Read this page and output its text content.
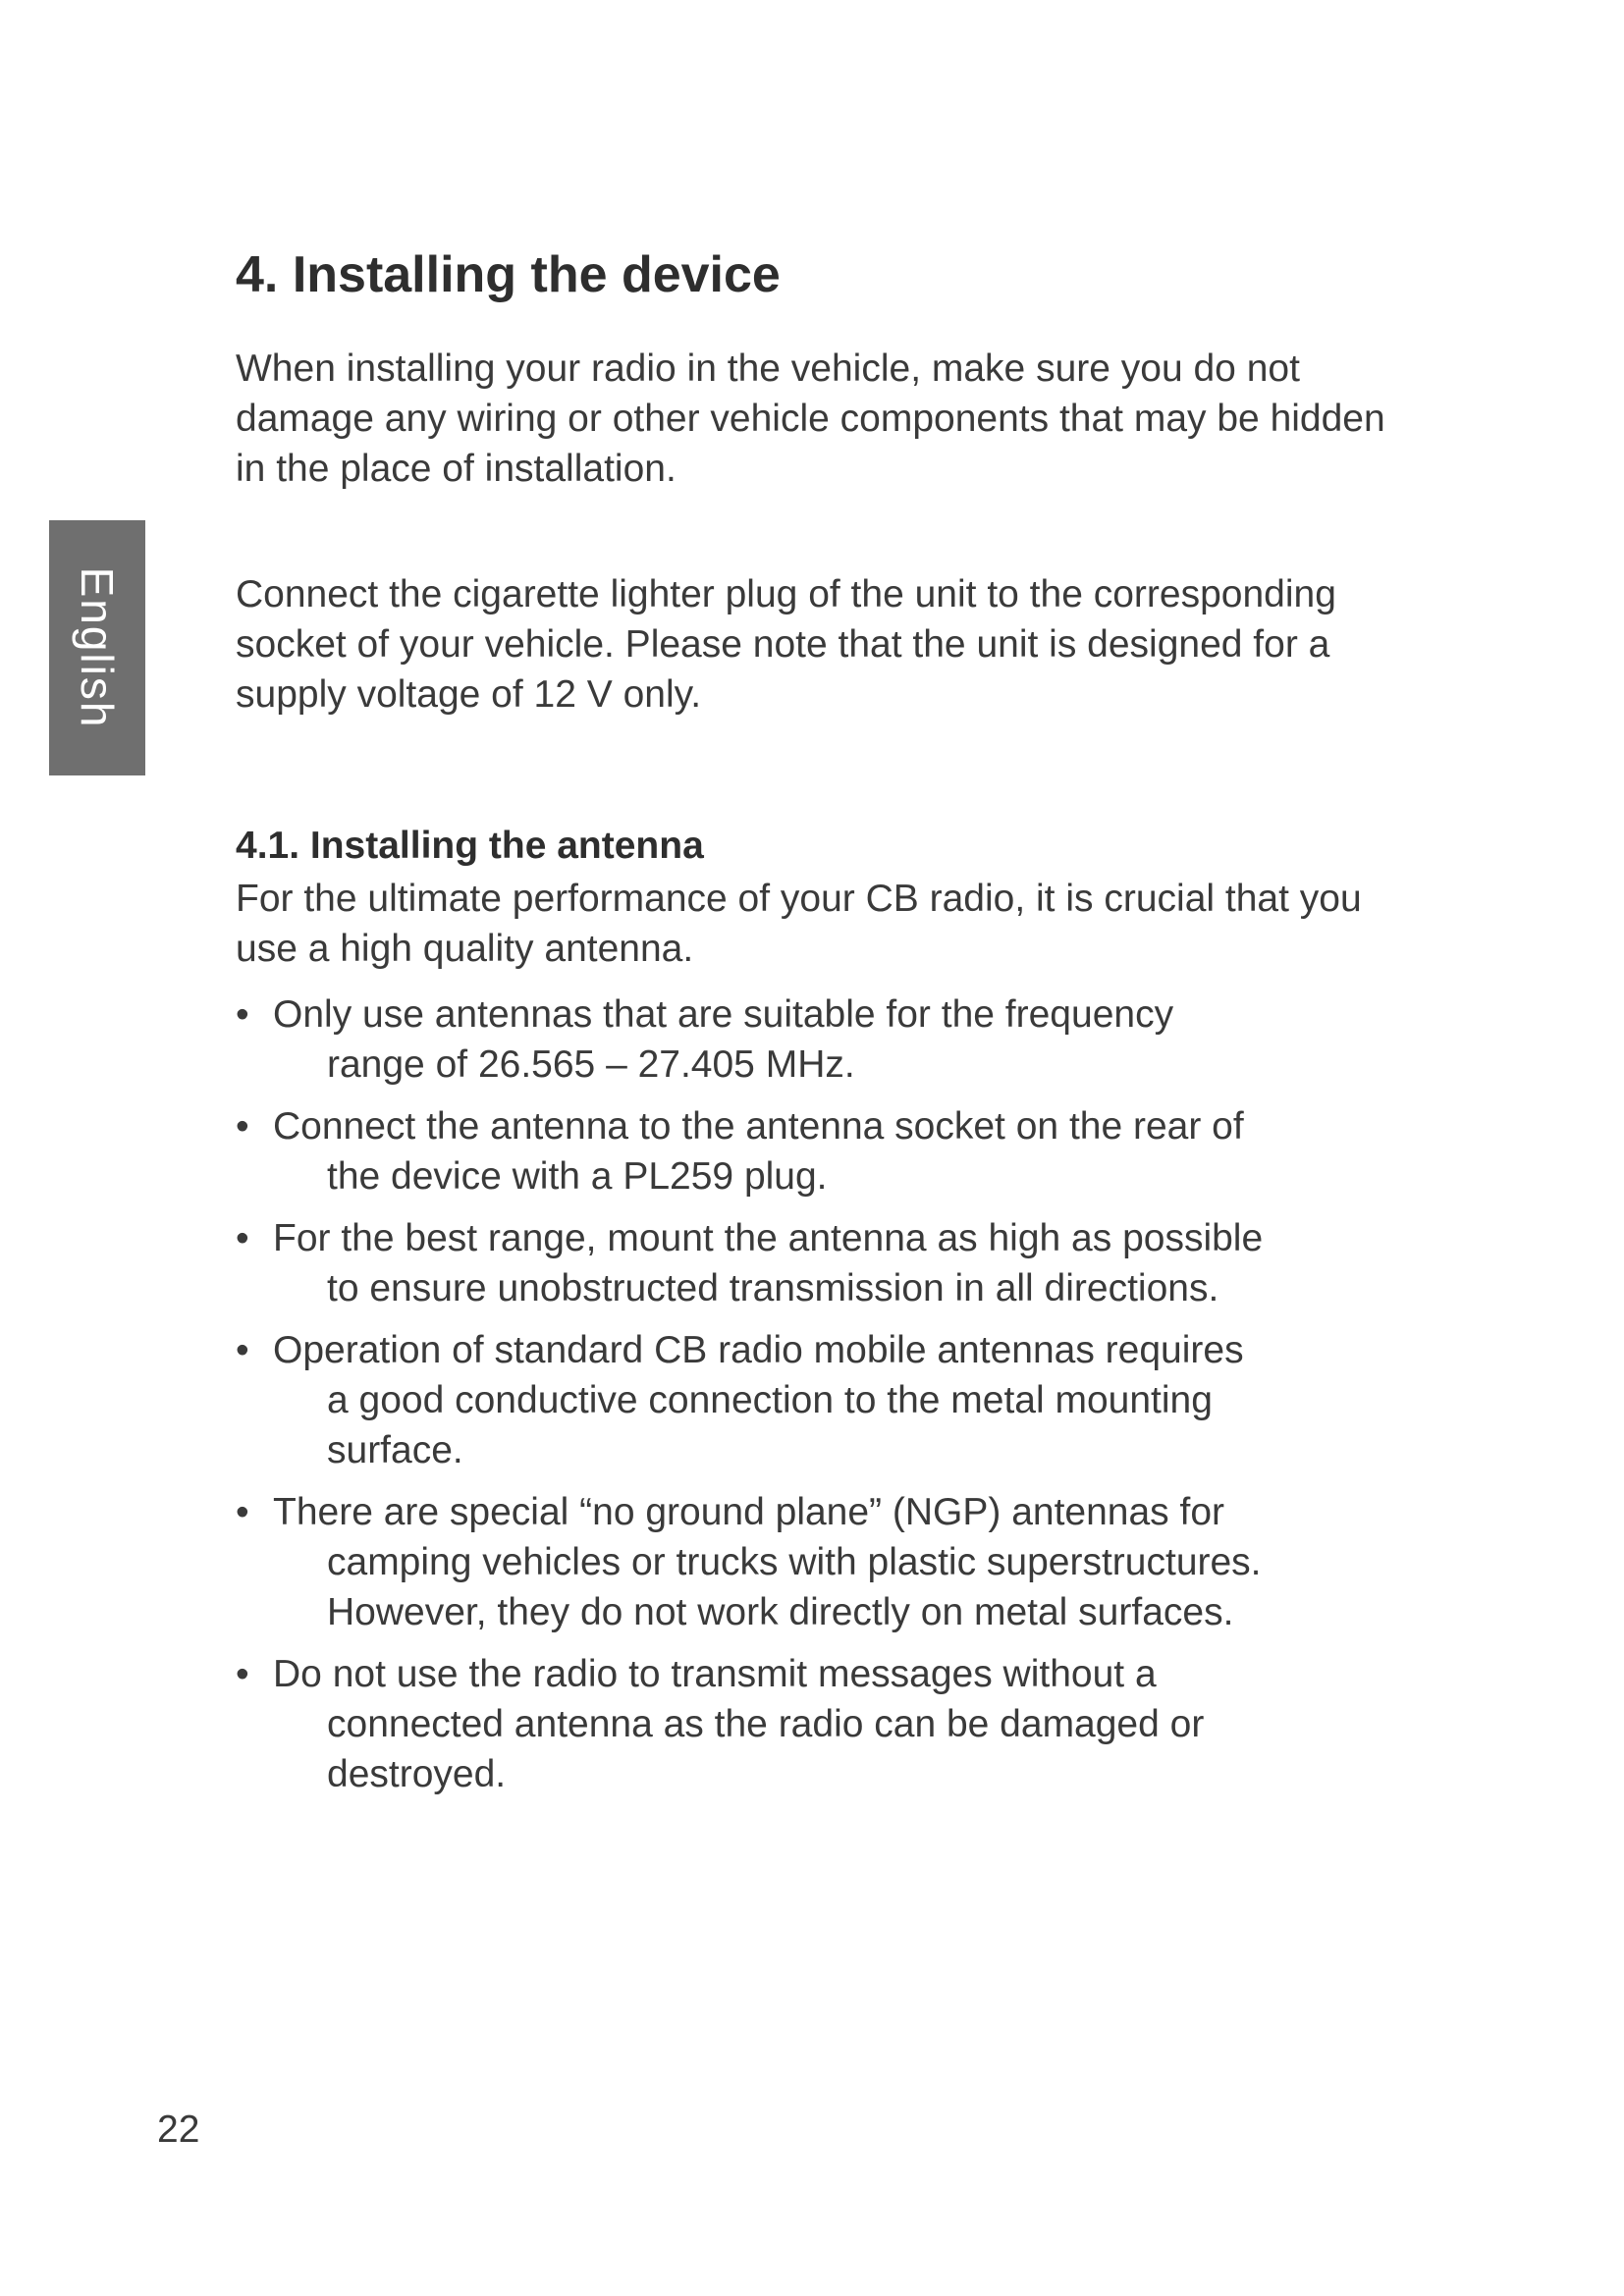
English
4. Installing the device

When installing your radio in the vehicle, make sure you do not damage any wiring or other vehicle components that may be hidden in the place of installation.

Connect the cigarette lighter plug of the unit to the corresponding socket of your vehicle. Please note that the unit is designed for a supply voltage of 12 V only.

4.1. Installing the antenna

For the ultimate performance of your CB radio, it is crucial that you use a high quality antenna.

• Only use antennas that are suitable for the frequency
range of 26.565 – 27.405 MHz.
• Connect the antenna to the antenna socket on the rear of
the device with a PL259 plug.
• For the best range, mount the antenna as high as possible
to ensure unobstructed transmission in all directions.
• Operation of standard CB radio mobile antennas requires
a good conductive connection to the metal mounting
surface.
• There are special “no ground plane” (NGP) antennas for
camping vehicles or trucks with plastic superstructures.
However, they do not work directly on metal surfaces.
• Do not use the radio to transmit messages without a
connected antenna as the radio can be damaged or
destroyed.
22
